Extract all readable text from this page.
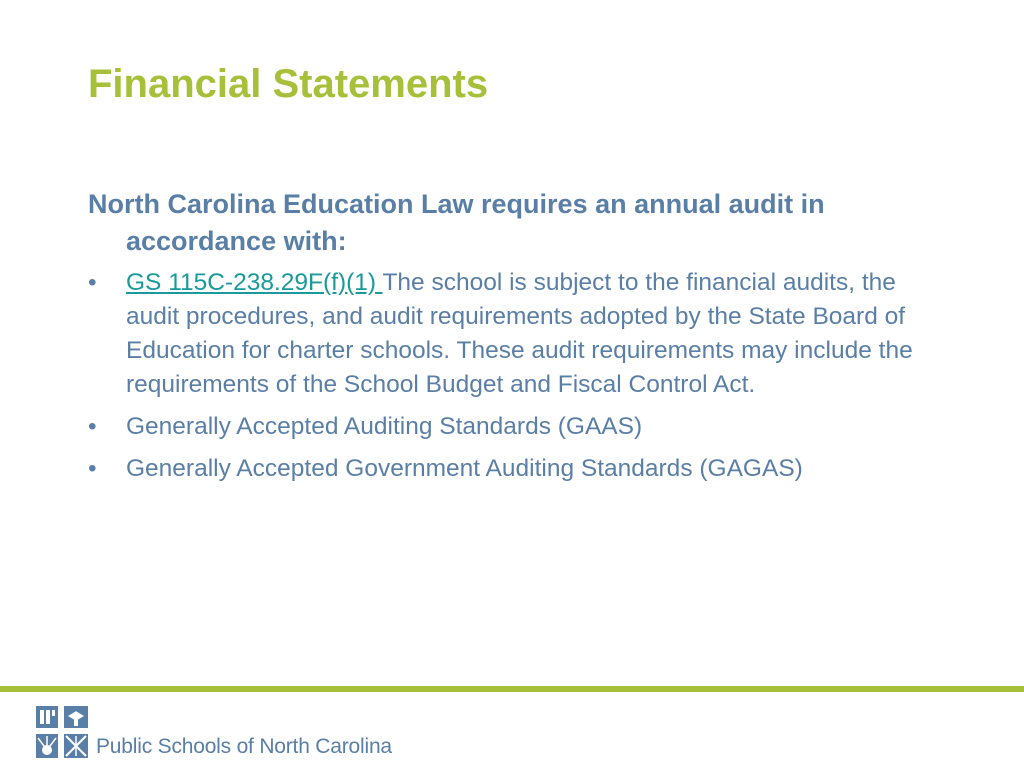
Financial Statements

North Carolina Education Law requires an annual audit in accordance with:

• GS 115C-238.29F(f)(1) The school is subject to the financial audits, the audit procedures, and audit requirements adopted by the State Board of Education for charter schools. These audit requirements may include the requirements of the School Budget and Fiscal Control Act.
• Generally Accepted Auditing Standards (GAAS)
• Generally Accepted Government Auditing Standards (GAGAS)
Public Schools of North Carolina
